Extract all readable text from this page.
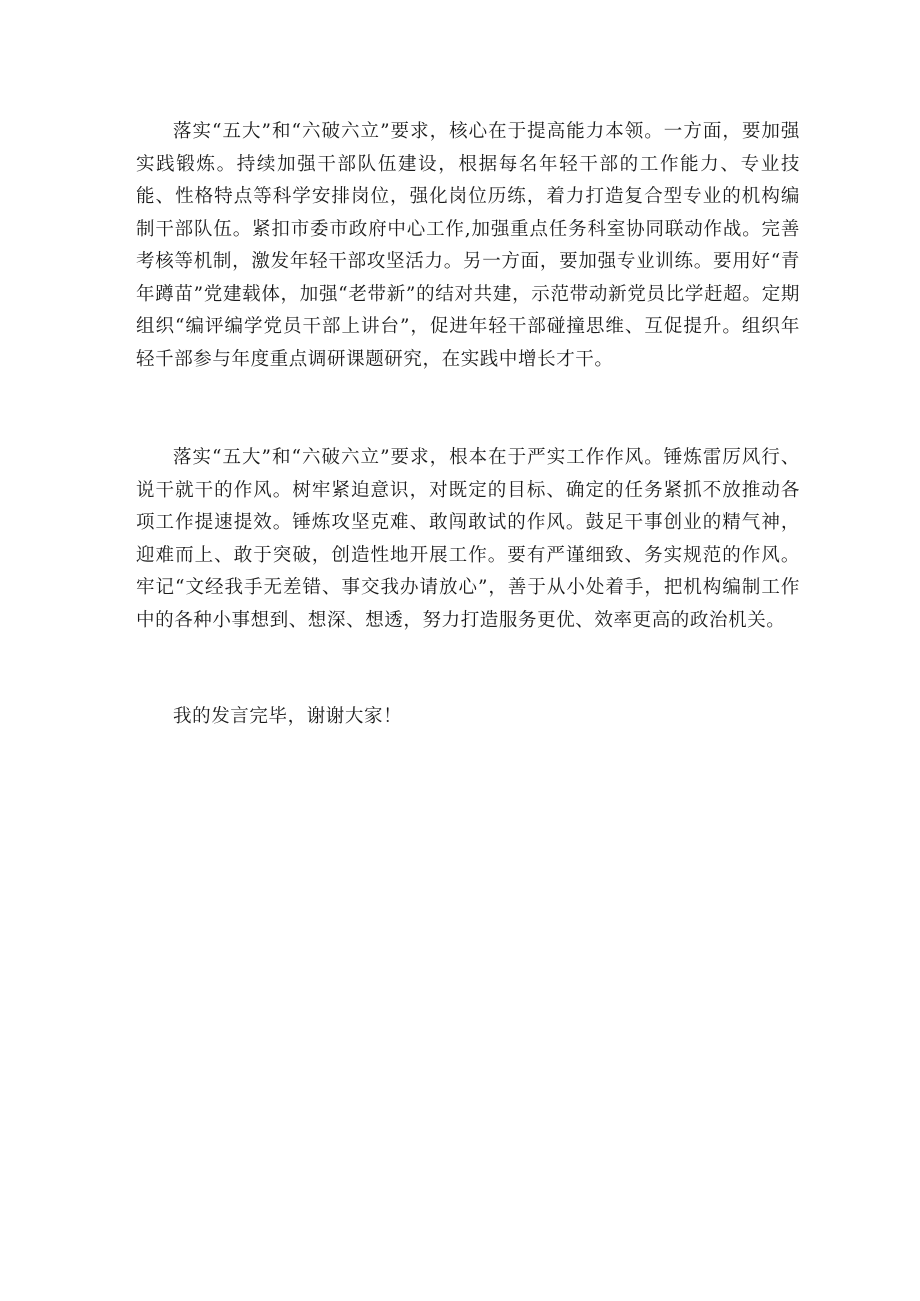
落实“五大”和“六破六立”要求，核心在于提高能力本领。一方面，要加强实践锻炼。持续加强干部队伍建设，根据每名年轻干部的工作能力、专业技能、性格特点等科学安排岗位，强化岗位历练，着力打造复合型专业的机构编制干部队伍。紧扣市委市政府中心工作,加强重点任务科室协同联动作战。完善考核等机制，激发年轻干部攻坚活力。另一方面，要加强专业训练。要用好“青年蹲苗”党建载体，加强“老带新”的结对共建，示范带动新党员比学赶超。定期组织“编评编学党员干部上讲台”，促进年轻干部碰撞思维、互促提升。组织年轻千部参与年度重点调研课题研究，在实践中增长才干。

落实“五大”和“六破六立”要求，根本在于严实工作作风。锤炼雷厉风行、说干就干的作风。树牢紧迫意识，对既定的目标、确定的任务紧抓不放推动各项工作提速提效。锤炼攻坚克难、敢闯敢试的作风。鼓足干事创业的精气神，迎难而上、敢于突破，创造性地开展工作。要有严谨细致、务实规范的作风。牢记“文经我手无差错、事交我办请放心”，善于从小处着手，把机构编制工作中的各种小事想到、想深、想透，努力打造服务更优、效率更高的政治机关。

我的发言完毕，谢谢大家！
